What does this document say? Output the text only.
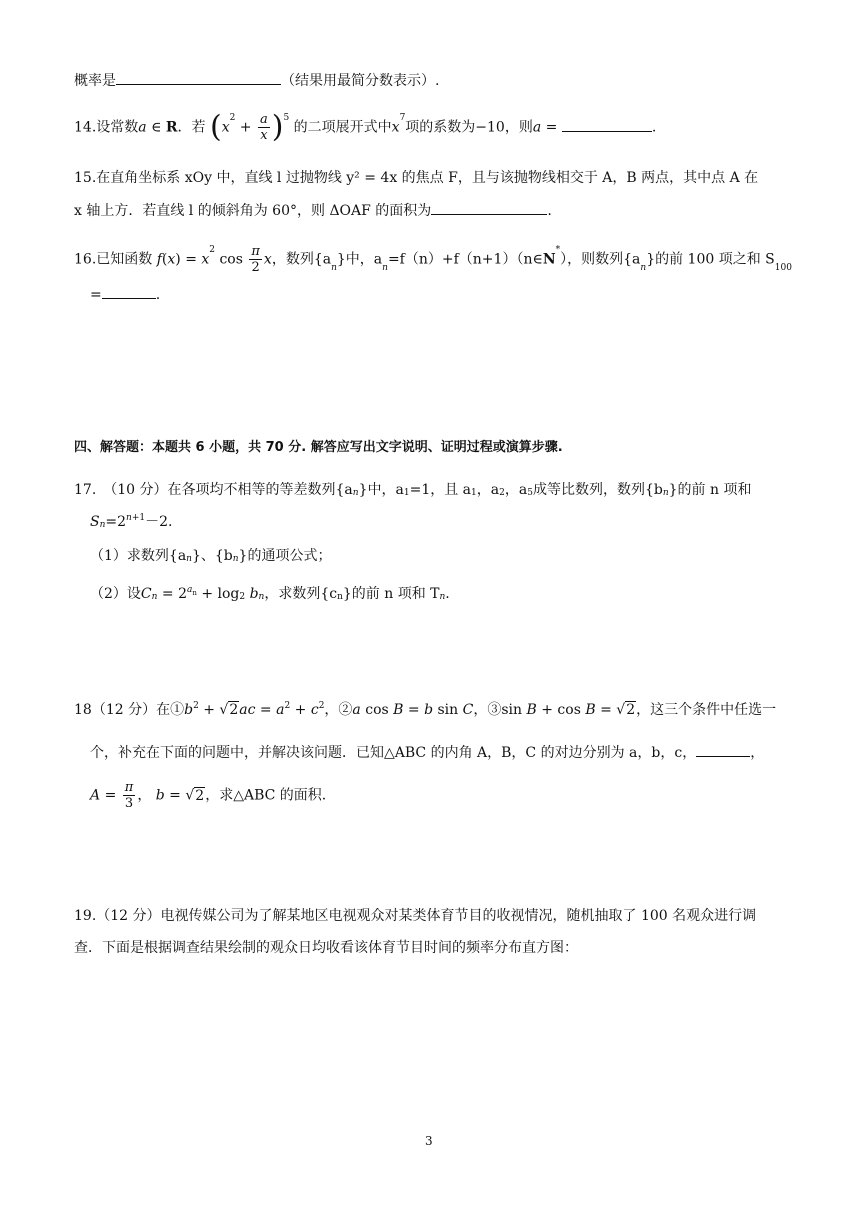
概率是	（结果用最简分数表示）.
14.设常数a ∈ R．若 $(x^2 + \frac{a}{x} )^5$ 的二项展开式中$x^7$项的系数为−10，则a =	.
15.在直角坐标系 xOy 中，直线 l 过抛物线 y² = 4x 的焦点 F，且与该抛物线相交于 A，B 两点，其中点 A 在
x 轴上方．若直线 l 的倾斜角为 60°，则 ΔOAF 的面积为	.
16.已知函数 $f(x) = x^2$ $\cos \frac{\pi}{2}$ x，数列$\{a_n\}$中，$a_n=f(n)+f(n+1)(n\in N^*)$，则数列$\{a_n\}$的前 100 项之和 $S_{100}$
=	.
四、解答题：本题共 6 小题，共 70 分. 解答应写出文字说明、证明过程或演算步骤.
17.　（10 分）在各项均不相等的等差数列$\{a_n\}$中，$a_1=1$，且 $a_1$，$a_2$，$a_5$成等比数列，数列$\{b_n\}$的前 n 项和
$S_n=2^{n+1}-2$.
（1）求数列$\{a_n\}$、$\{b_n\}$的通项公式；
（2）设$C_n = 2^{a_n} + \log_2 b_n$，求数列$\{c_n\}$的前 n 项和 $T_n$.
18（12 分）在$①b^2 + √2ac = a^2 + c^2$，②a cos B = b sin C，③sin B + cos B = √2，这三个条件中任选一
个，补充在下面的问题中，并解决该问题．已知△ABC 的内角 A，B，C 的对边分别为 a，b，c，	，
$A = \frac{\pi}{3}$ ， b = √2，求△ABC 的面积.
19.（12 分）电视传媒公司为了解某地区电视观众对某类体育节目的收视情况，随机抽取了 100 名观众进行调
查．下面是根据调查结果绘制的观众日均收看该体育节目时间的频率分布直方图：
3
